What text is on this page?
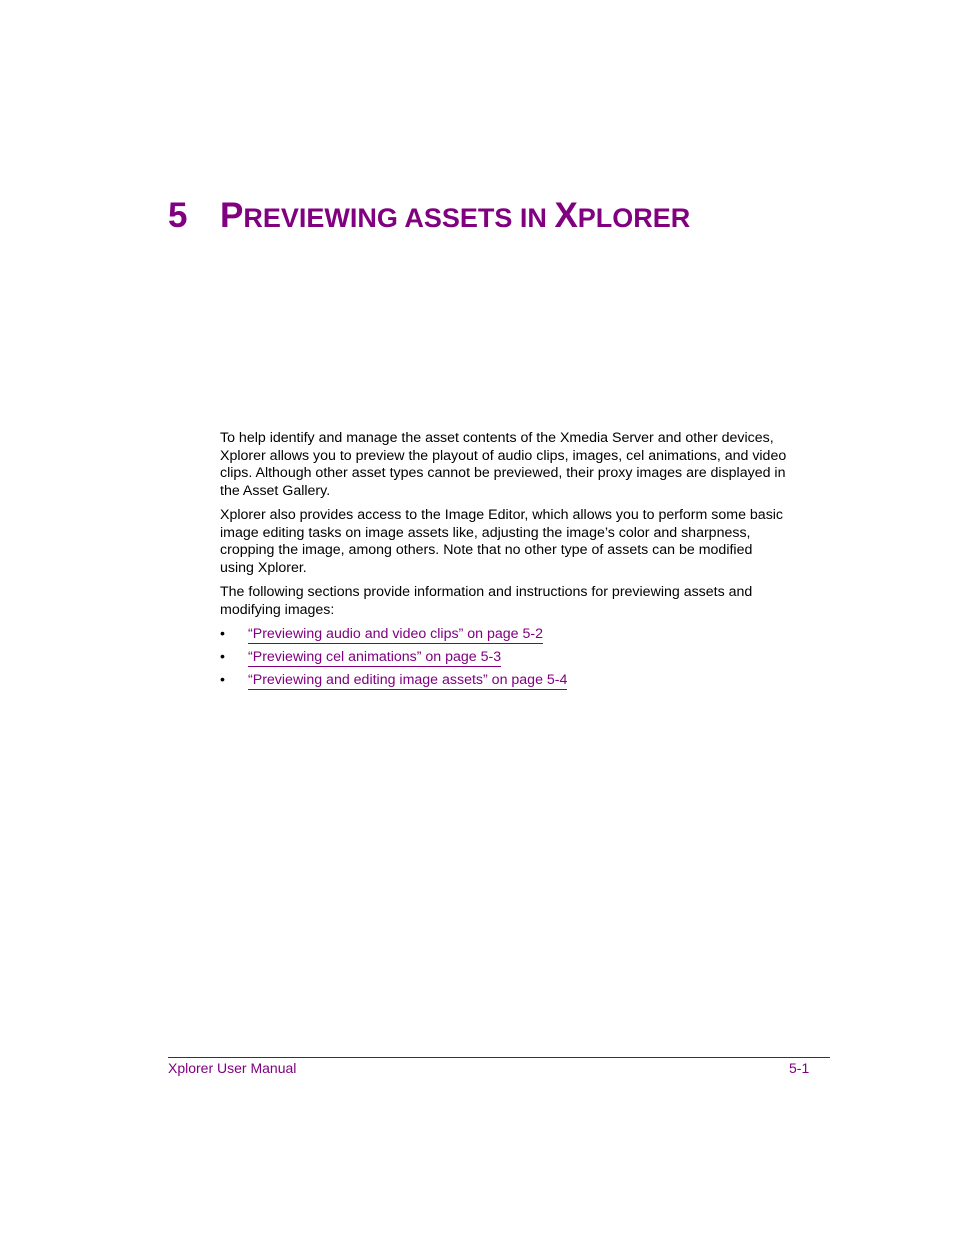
5 PREVIEWING ASSETS IN XPLORER

To help identify and manage the asset contents of the Xmedia Server and other devices, Xplorer allows you to preview the playout of audio clips, images, cel animations, and video clips. Although other asset types cannot be previewed, their proxy images are displayed in the Asset Gallery.

Xplorer also provides access to the Image Editor, which allows you to perform some basic image editing tasks on image assets like, adjusting the image’s color and sharpness, cropping the image, among others. Note that no other type of assets can be modified using Xplorer.

The following sections provide information and instructions for previewing assets and modifying images:

• “Previewing audio and video clips” on page 5-2
• “Previewing cel animations” on page 5-3
• “Previewing and editing image assets” on page 5-4
Xplorer User Manual	5-1
